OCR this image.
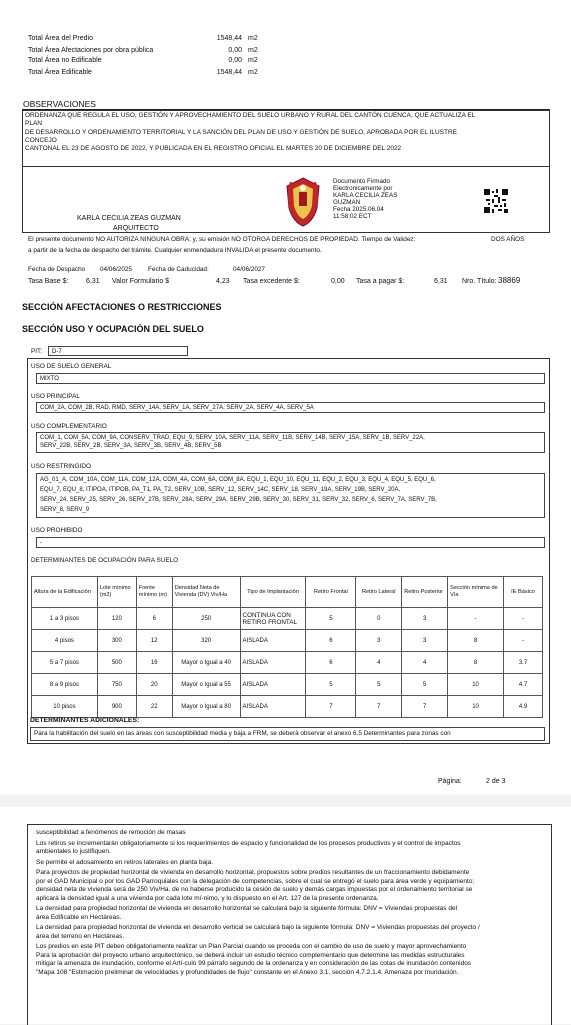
Total Área del Predio	1548,44 m2
Total Área Afectaciones por obra pública	0,00 m2
Total Área no Edificable	0,00 m2
Total Área Edificable	1548,44 m2
OBSERVACIONES
ORDENANZA QUE REGULA EL USO, GESTIÓN Y APROVECHAMIENTO DEL SUELO URBANO Y RURAL DEL CANTÓN CUENCA, QUE ACTUALIZA EL
PLAN
DE DESARROLLO Y ORDENAMIENTO TERRITORIAL Y LA SANCIÓN DEL PLAN DE USO Y GESTIÓN DE SUELO, APROBADA POR EL ILUSTRE
CONCEJO
CANTONAL EL 23 DE AGOSTO DE 2022, Y PUBLICADA EN EL REGISTRO OFICIAL EL MARTES 20 DE DICIEMBRE DEL 2022
Documento Firmado
Electronicamente por
KARLA CECILIA ZEAS
GUZMAN
Fecha 2025.06.04
11:58:02 ECT
KARLA CECILIA ZEAS GUZMAN
ARQUITECTO
El presente documento NO AUTORIZA NINGUNA OBRA; y, su emisión NO OTORGA DERECHOS DE PROPIEDAD. Tiempo de Validez:	DOS AÑOS
a partir de la fecha de despacho del trámite. Cualquier enmendadura INVALIDA el presente documento.
Fecha de Despacho 04/06/2025	Fecha de Caducidad:	04/06/2027
Tasa Base $:	6,31 Valor Formulario $	4,23 Tasa excedente $:	0,00 Tasa a pagar $:	6,31 Nro. Título: 38869
SECCIÓN AFECTACIONES O RESTRICCIONES
SECCIÓN USO Y OCUPACIÓN DEL SUELO
PIT:	D-7
USO DE SUELO GENERAL
MIXTO
USO PRINCIPAL
COM_2A, COM_2B, RAD, RMD, SERV_14A, SERV_1A, SERV_27A, SERV_2A, SERV_4A, SERV_5A
USO COMPLEMENTARIO
COM_1, COM_5A, COM_9A, CONSERV_TRAD, EQU_9, SERV_10A, SERV_11A, SERV_11B, SERV_14B, SERV_15A, SERV_1B, SERV_22A,
SERV_22B, SERV_2B, SERV_3A, SERV_3B, SERV_4B, SERV_5B
USO RESTRINGIDO
AG_01_A, COM_10A, COM_11A, COM_12A, COM_4A, COM_6A, COM_8A, EQU_1, EQU_10, EQU_11, EQU_2, EQU_3, EQU_4, EQU_5, EQU_6,
EQU_7, EQU_8, ITIPOA, ITIPOB, PA_T1, PA_T2, SERV_10B, SERV_12, SERV_14C, SERV_18, SERV_19A, SERV_19B, SERV_20A,
SERV_24, SERV_25, SERV_26, SERV_27B, SERV_28A, SERV_29A, SERV_29B, SERV_30, SERV_31, SERV_32, SERV_6, SERV_7A, SERV_7B,
SERV_8, SERV_9
USO PROHIBIDO
-
DETERMINANTES DE OCUPACIÓN PARA SUELO
Altura de la Edificación	Lote mínimo (m2)	Frente mínimo (m)	Densidad Neta de Vivienda (DV) Viv/Ha	Tipo de Implantación	Retiro Frontal	Retiro Lateral	Retiro Posterior	Sección mínima de Vía	IE Básico
1 a 3 pisos	120	6	250	CONTINUA CON RETIRO FRONTAL	5	0	3	-	-
4 pisos	300	12	320	AISLADA	6	3	3	8	-
5 a 7 pisos	500	16	Mayor o Igual a 40	AISLADA	6	4	4	8	3.7
8 a 9 pisos	750	20	Mayor o Igual a 55	AISLADA	5	5	5	10	4.7
10 pisos	900	22	Mayor o Igual a 80	AISLADA	7	7	7	10	4.9
DETERMINANTES ADICIONALES:
Para la habilitación del suelo en las áreas con susceptibilidad media y baja a FRM, se deberá observar el anexo 6.5 Determinantes para zonas con
Página:	2 de 3

susceptibilidad a fenómenos de remoción de masas

Los retiros se incrementarán obligatoriamente si los requerimientos de espacio y funcionalidad de los procesos productivos y el control de impactos
ambientales lo justifiquen.

Se permite el adosamiento en retiros laterales en planta baja.

Para proyectos de propiedad horizontal de vivienda en desarrollo horizontal, propuestos sobre predios resultantes de un fraccionamiento debidamente
por el GAD Municipal o por los GAD Parroquiales con la delegación de competencias, sobre el cual se entregó el suelo para área verde y equipamiento;
densidad neta de vivienda será de 250 Viv/Ha. de no haberse producido la cesión de suelo y demás cargas impuestas por el ordenamiento territorial se
aplicará la densidad igual a una vivienda por cada lote mí-nimo, y lo dispuesto en el Art. 127 de la presente ordenanza.

La densidad para propiedad horizontal de vivienda en desarrollo horizontal se calculará bajo la siguiente fórmula: DNV = Viviendas propuestas del
área Edificable en Hectáreas.

La densidad para propiedad horizontal de vivienda en desarrollo vertical se calculará bajo la siguiente fórmula: DNV = Viviendas propuestas del proyecto /
área del terreno en Hectáreas.

Los predios en este PIT deben obligatoriamente realizar un Plan Parcial cuando se proceda con el cambio de uso de suelo y mayor aprovechamiento
Para la aprobación del proyecto urbano arquitectónico, se deberá incluir un estudio técnico complementario que determine las medidas estructurales
mitigar la amenaza de inundación, conforme el Artí-culo 99 párrafo segundo de la ordenanza y en consideración de las cotas de inundación contenidos
"Mapa 108 "Estimación preliminar de velocidades y profundidades de flujo" constante en el Anexo 3.1. sección 4.7.2.1.4. Amenaza por Inundación.
